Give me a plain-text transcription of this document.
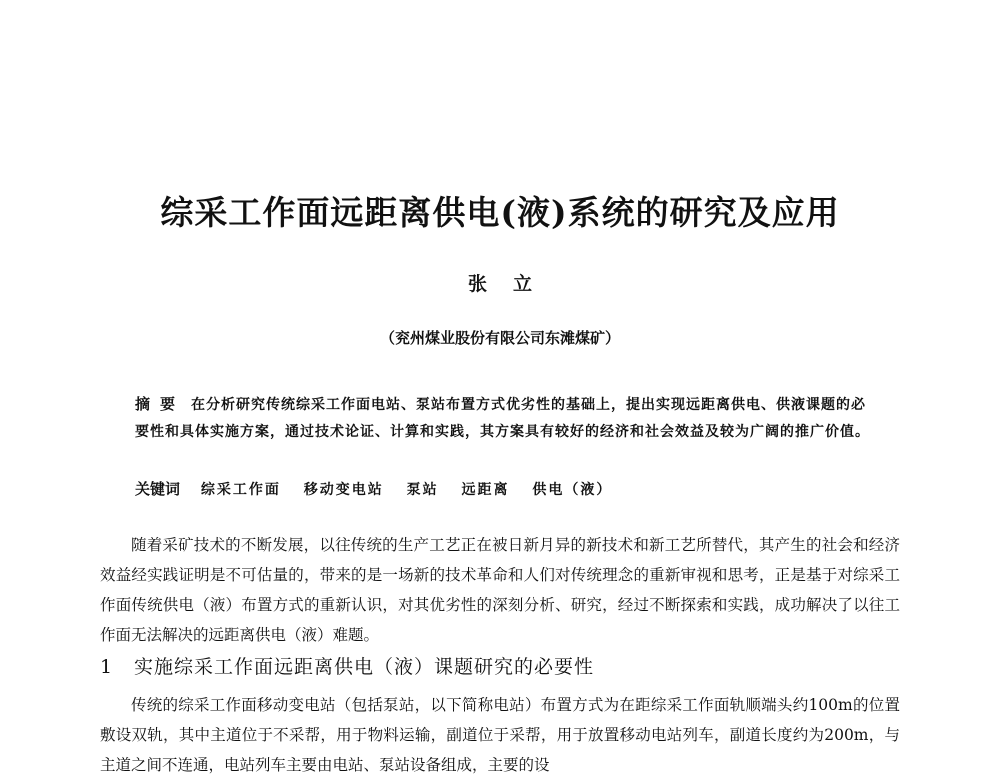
综采工作面远距离供电(液)系统的研究及应用
张立
（兖州煤业股份有限公司东滩煤矿）
摘要 在分析研究传统综采工作面电站、泵站布置方式优劣性的基础上，提出实现远距离供电、供液课题的必要性和具体实施方案，通过技术论证、计算和实践，其方案具有较好的经济和社会效益及较为广阔的推广价值。
关键词 综采工作面 移动变电站 泵站 远距离 供电（液）
随着采矿技术的不断发展，以往传统的生产工艺正在被日新月异的新技术和新工艺所替代，其产生的社会和经济效益经实践证明是不可估量的，带来的是一场新的技术革命和人们对传统理念的重新审视和思考，正是基于对综采工作面传统供电（液）布置方式的重新认识，对其优劣性的深刻分析、研究，经过不断探索和实践，成功解决了以往工作面无法解决的远距离供电（液）难题。
1 实施综采工作面远距离供电（液）课题研究的必要性
传统的综采工作面移动变电站（包括泵站，以下简称电站）布置方式为在距综采工作面轨顺端头约100m的位置敷设双轨，其中主道位于不采帮，用于物料运输，副道位于采帮，用于放置移动电站列车，副道长度约为200m，与主道之间不连通，电站列车主要由电站、泵站设备组成，主要的设
